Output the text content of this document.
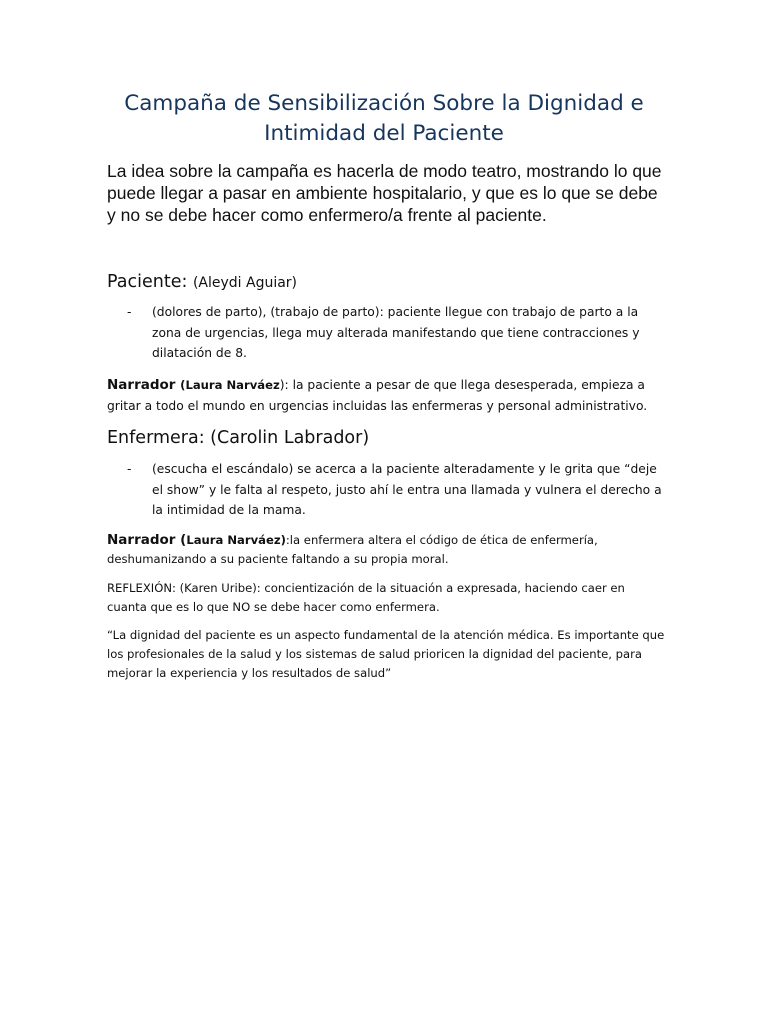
Campaña de Sensibilización Sobre la Dignidad e
Intimidad del Paciente
La idea sobre la campaña es hacerla de modo teatro, mostrando lo que puede llegar a pasar en ambiente hospitalario, y que es lo que se debe y no se debe hacer como enfermero/a frente al paciente.
Paciente: (Aleydi Aguiar)
- (dolores de parto), (trabajo de parto): paciente llegue con trabajo de parto a la zona de urgencias, llega muy alterada manifestando que tiene contracciones y dilatación de 8.
Narrador (Laura Narváez): la paciente a pesar de que llega desesperada, empieza a gritar a todo el mundo en urgencias incluidas las enfermeras y personal administrativo.
Enfermera: (Carolin Labrador)
- (escucha el escándalo) se acerca a la paciente alteradamente y le grita que “deje el show” y le falta al respeto, justo ahí le entra una llamada y vulnera el derecho a la intimidad de la mama.
Narrador (Laura Narváez):la enfermera altera el código de ética de enfermería, deshumanizando a su paciente faltando a su propia moral.
REFLEXIÓN: (Karen Uribe): concientización de la situación a expresada, haciendo caer en cuanta que es lo que NO se debe hacer como enfermera.
“La dignidad del paciente es un aspecto fundamental de la atención médica. Es importante que los profesionales de la salud y los sistemas de salud prioricen la dignidad del paciente, para mejorar la experiencia y los resultados de salud”
